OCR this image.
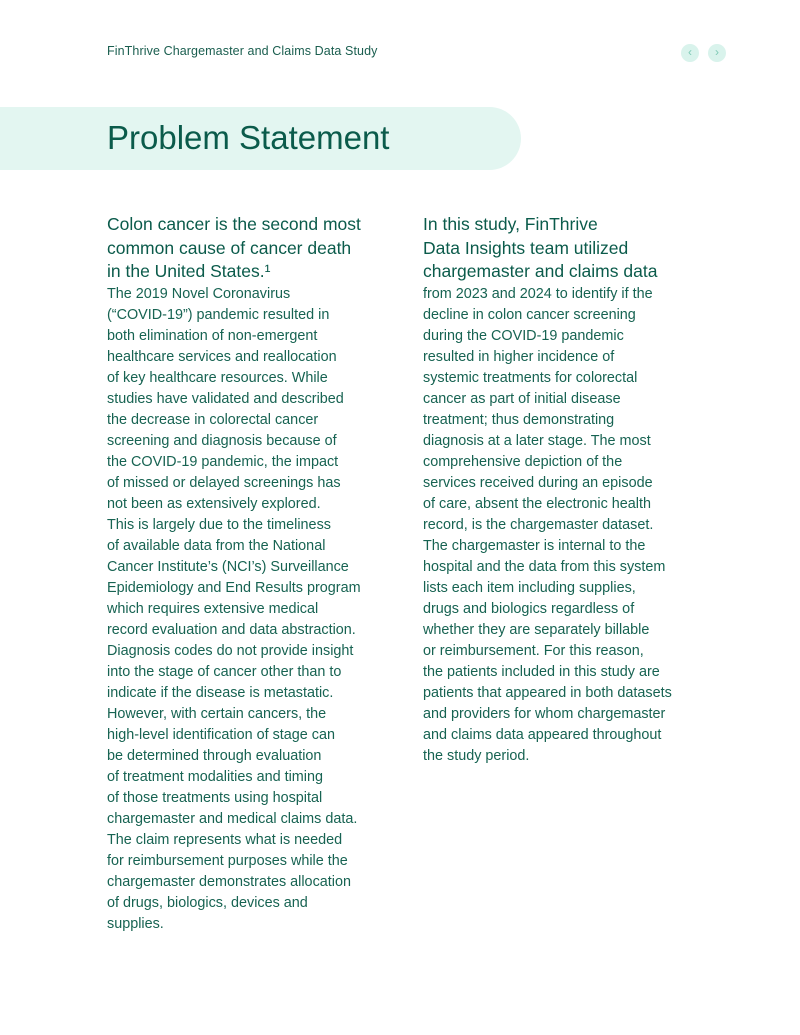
FinThrive Chargemaster and Claims Data Study	‹	›
Problem Statement

Colon cancer is the second most
common cause of cancer death
in the United States.¹

The 2019 Novel Coronavirus
(“COVID-19”) pandemic resulted in
both elimination of non-emergent
healthcare services and reallocation
of key healthcare resources. While
studies have validated and described
the decrease in colorectal cancer
screening and diagnosis because of
the COVID-19 pandemic, the impact
of missed or delayed screenings has
not been as extensively explored.
This is largely due to the timeliness
of available data from the National
Cancer Institute’s (NCI’s) Surveillance
Epidemiology and End Results program
which requires extensive medical
record evaluation and data abstraction.
Diagnosis codes do not provide insight
into the stage of cancer other than to
indicate if the disease is metastatic.
However, with certain cancers, the
high-level identification of stage can
be determined through evaluation
of treatment modalities and timing
of those treatments using hospital
chargemaster and medical claims data.
The claim represents what is needed
for reimbursement purposes while the
chargemaster demonstrates allocation
of drugs, biologics, devices and
supplies.

In this study, FinThrive
Data Insights team utilized
chargemaster and claims data

from 2023 and 2024 to identify if the
decline in colon cancer screening
during the COVID-19 pandemic
resulted in higher incidence of
systemic treatments for colorectal
cancer as part of initial disease
treatment; thus demonstrating
diagnosis at a later stage. The most
comprehensive depiction of the
services received during an episode
of care, absent the electronic health
record, is the chargemaster dataset.
The chargemaster is internal to the
hospital and the data from this system
lists each item including supplies,
drugs and biologics regardless of
whether they are separately billable
or reimbursement. For this reason,
the patients included in this study are
patients that appeared in both datasets
and providers for whom chargemaster
and claims data appeared throughout
the study period.
